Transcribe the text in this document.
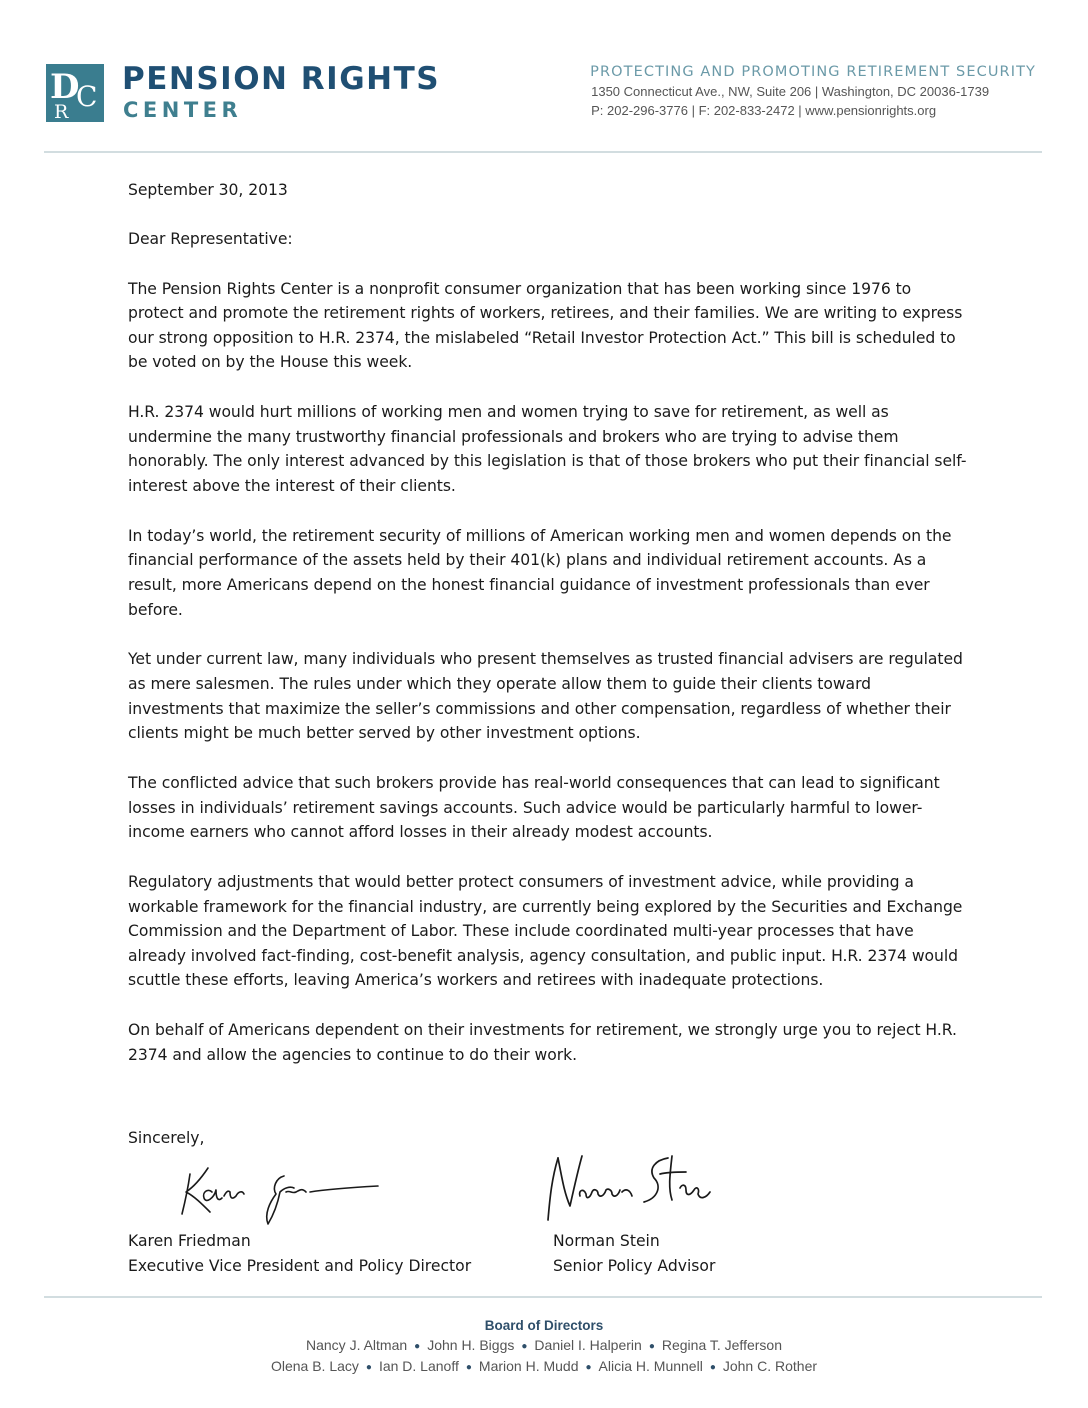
D
R C PENSION RIGHTS
CENTER
PROTECTING AND PROMOTING RETIREMENT SECURITY
1350 Connecticut Ave., NW, Suite 206 | Washington, DC 20036-1739
P: 202-296-3776 | F: 202-833-2472 | www.pensionrights.org

September 30, 2013

Dear Representative:

The Pension Rights Center is a nonprofit consumer organization that has been working since 1976 to protect and promote the retirement rights of workers, retirees, and their families. We are writing to express our strong opposition to H.R. 2374, the mislabeled “Retail Investor Protection Act.” This bill is scheduled to be voted on by the House this week.

H.R. 2374 would hurt millions of working men and women trying to save for retirement, as well as undermine the many trustworthy financial professionals and brokers who are trying to advise them honorably. The only interest advanced by this legislation is that of those brokers who put their financial self-interest above the interest of their clients.

In today’s world, the retirement security of millions of American working men and women depends on the financial performance of the assets held by their 401(k) plans and individual retirement accounts. As a result, more Americans depend on the honest financial guidance of investment professionals than ever before.

Yet under current law, many individuals who present themselves as trusted financial advisers are regulated as mere salesmen. The rules under which they operate allow them to guide their clients toward investments that maximize the seller’s commissions and other compensation, regardless of whether their clients might be much better served by other investment options.

The conflicted advice that such brokers provide has real-world consequences that can lead to significant losses in individuals’ retirement savings accounts. Such advice would be particularly harmful to lower-income earners who cannot afford losses in their already modest accounts.

Regulatory adjustments that would better protect consumers of investment advice, while providing a workable framework for the financial industry, are currently being explored by the Securities and Exchange Commission and the Department of Labor. These include coordinated multi-year processes that have already involved fact-finding, cost-benefit analysis, agency consultation, and public input. H.R. 2374 would scuttle these efforts, leaving America’s workers and retirees with inadequate protections.

On behalf of Americans dependent on their investments for retirement, we strongly urge you to reject H.R. 2374 and allow the agencies to continue to do their work.

Sincerely,
Karen Friedman
Executive Vice President and Policy Director
Norman Stein
Senior Policy Advisor
Board of Directors
Nancy J. Altman ● John H. Biggs ● Daniel I. Halperin ● Regina T. Jefferson
Olena B. Lacy ● Ian D. Lanoff ● Marion H. Mudd ● Alicia H. Munnell ● John C. Rother
